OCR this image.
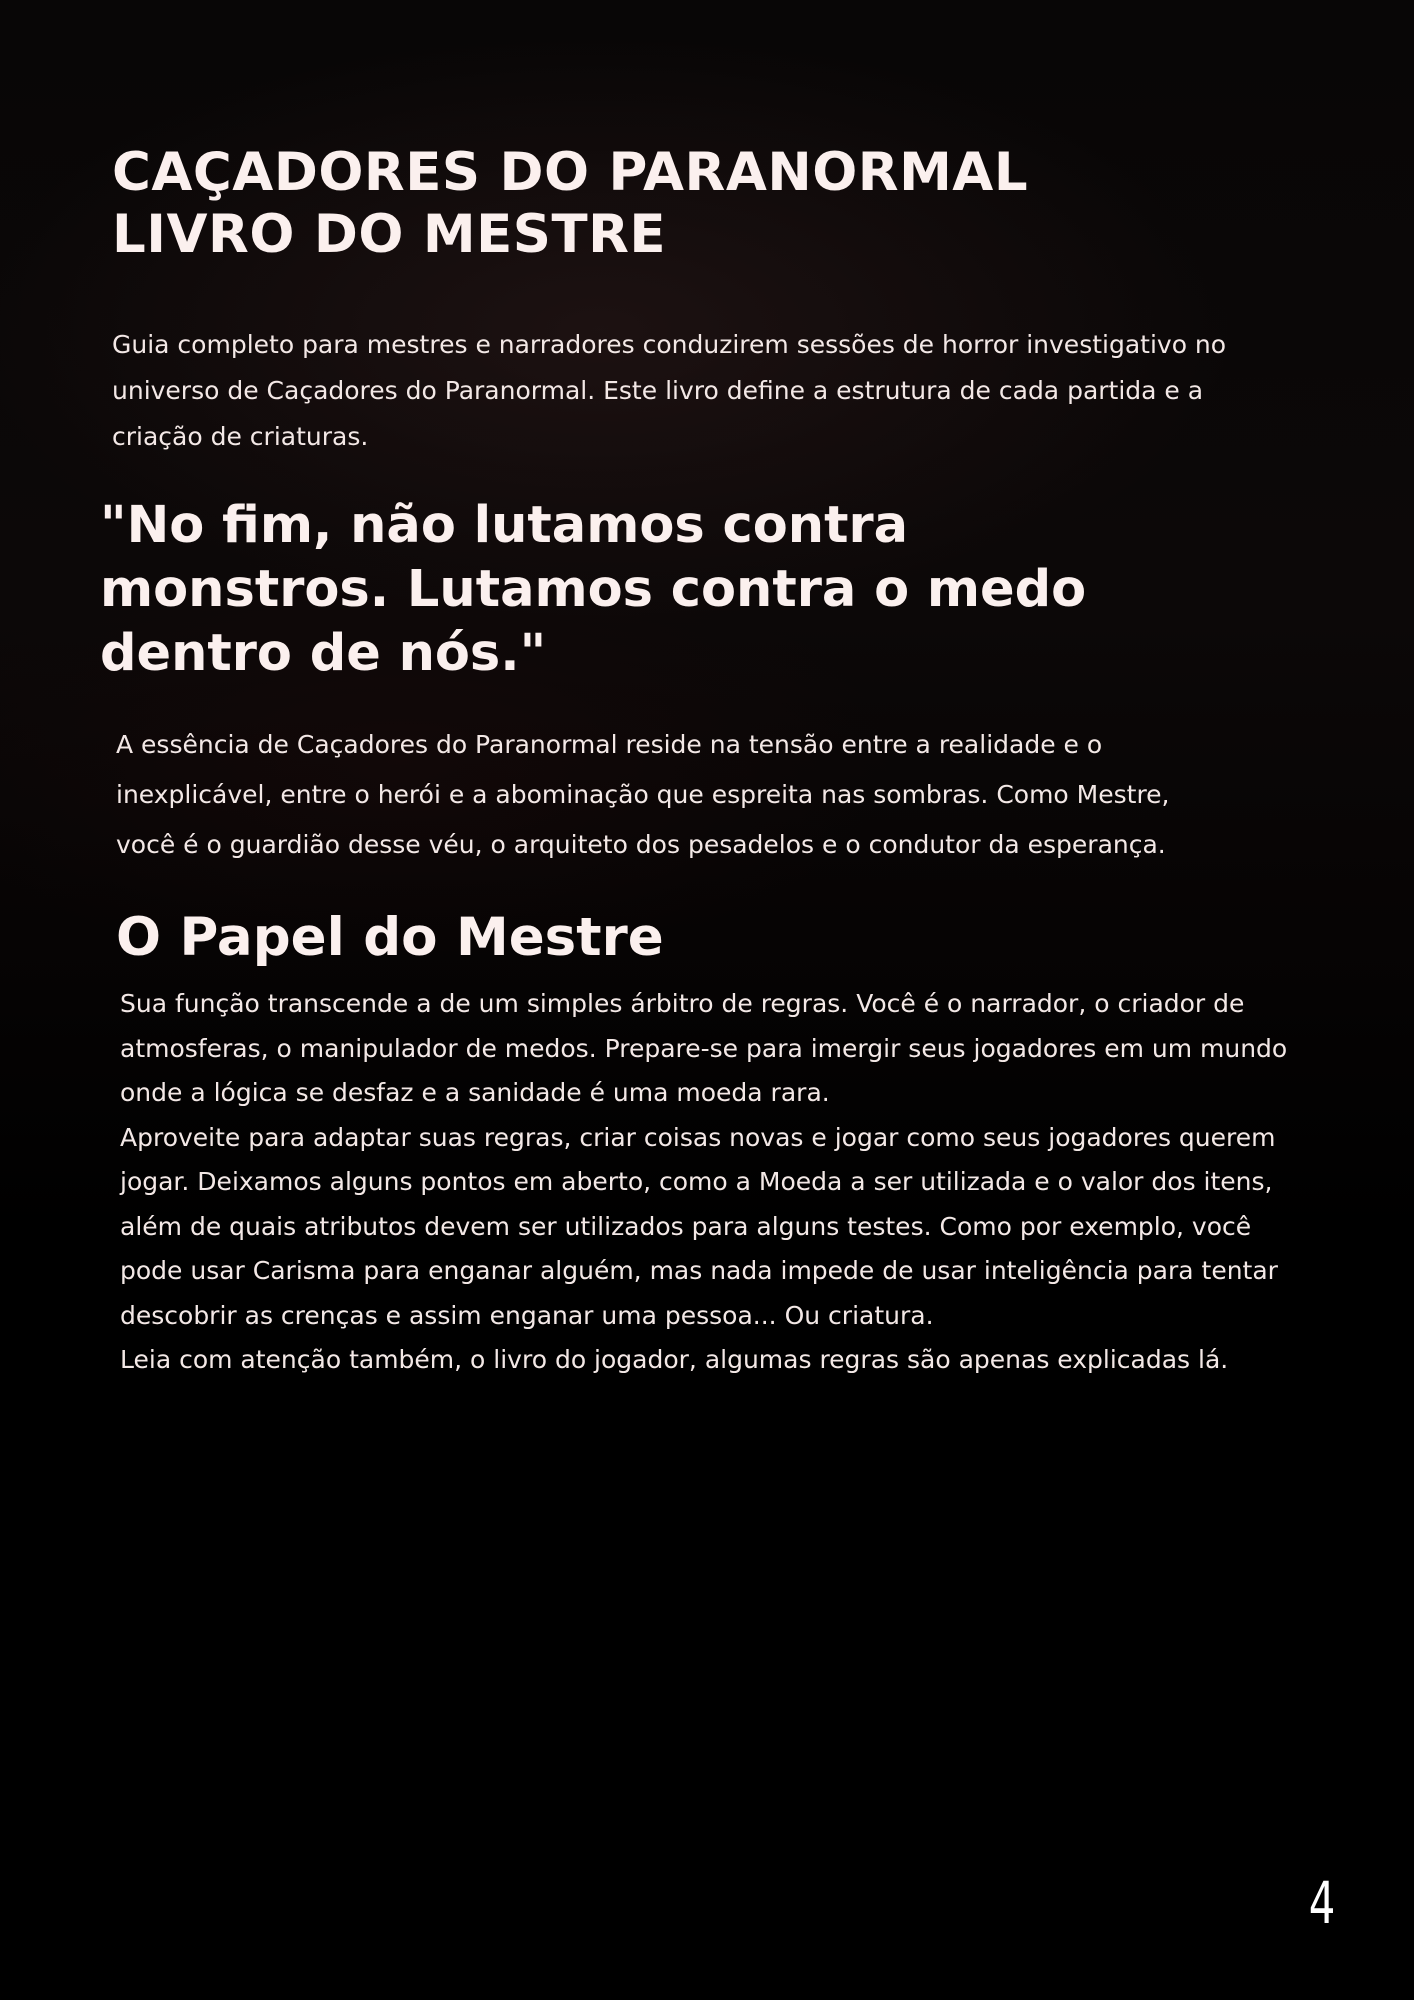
CAÇADORES DO PARANORMAL
LIVRO DO MESTRE

Guia completo para mestres e narradores conduzirem sessões de horror investigativo no
universo de Caçadores do Paranormal. Este livro define a estrutura de cada partida e a
criação de criaturas.

"No fim, não lutamos contra
monstros. Lutamos contra o medo
dentro de nós."

A essência de Caçadores do Paranormal reside na tensão entre a realidade e o
inexplicável, entre o herói e a abominação que espreita nas sombras. Como Mestre,
você é o guardião desse véu, o arquiteto dos pesadelos e o condutor da esperança.

O Papel do Mestre

Sua função transcende a de um simples árbitro de regras. Você é o narrador, o criador de
atmosferas, o manipulador de medos. Prepare-se para imergir seus jogadores em um mundo
onde a lógica se desfaz e a sanidade é uma moeda rara.
Aproveite para adaptar suas regras, criar coisas novas e jogar como seus jogadores querem
jogar. Deixamos alguns pontos em aberto, como a Moeda a ser utilizada e o valor dos itens,
além de quais atributos devem ser utilizados para alguns testes. Como por exemplo, você
pode usar Carisma para enganar alguém, mas nada impede de usar inteligência para tentar
descobrir as crenças e assim enganar uma pessoa... Ou criatura.
Leia com atenção também, o livro do jogador, algumas regras são apenas explicadas lá.

4
